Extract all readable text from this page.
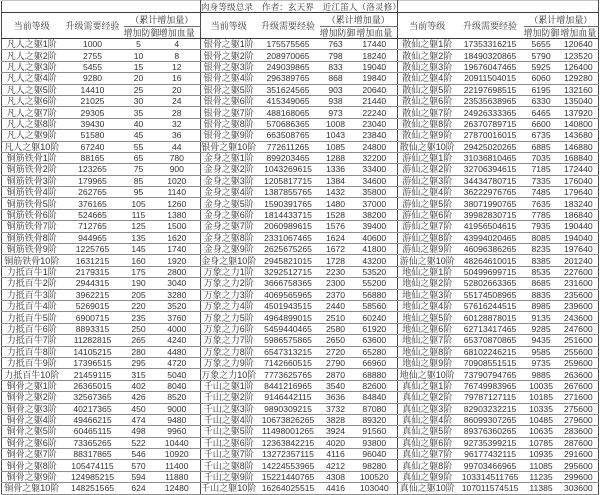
				肉身等级总录　作者：玄天界　近江笛人（洛灵修）							
当前等级	升级需要经验	（累计增加量）		当前等级	升级需要经验	（累计增加量）		当前等级	升级需要经验	（累计增加量）	
		增加防御	增加血量			增加防御	增加血量			增加防御	增加血量
凡人之躯1阶	1000	5	4	银骨之躯1阶	175575565	763	17440	散仙之躯1阶	17353316215	5655	120640
凡人之躯2阶	2755	10	8	银骨之躯2阶	208970065	798	18240	散仙之躯2阶	18490320865	5790	123520
凡人之躯3阶	5455	15	12	银骨之躯3阶	249039865	833	19040	散仙之躯3阶	19676047465	5925	126400
凡人之躯4阶	9280	20	16	银骨之躯4阶	296389765	868	19840	散仙之躯4阶	20911504015	6060	129280
凡人之躯5阶	14410	25	20	银骨之躯5阶	351624565	903	20640	散仙之躯5阶	22197698515	6195	132160
凡人之躯6阶	21025	30	24	银骨之躯6阶	415349065	938	21440	散仙之躯6阶	23535638965	6330	135040
凡人之躯7阶	29305	35	28	银骨之躯7阶	488168065	973	22240	散仙之躯7阶	24926333365	6465	137920
凡人之躯8阶	39430	40	32	银骨之躯8阶	570686365	1008	23040	散仙之躯8阶	26370789715	6600	140800
凡人之躯9阶	51580	45	36	银骨之躯9阶	663508765	1043	23840	散仙之躯9阶	27870016015	6735	143680
凡人之躯10阶	67240	55	44	银骨之躯10阶	772611265	1085	24800	散仙之躯10阶	29425020265	6885	146880
铜筋铁骨1阶	88165	65	780	金身之躯1阶	899203465	1288	32200	游仙之躯1阶	31036810465	7035	168840
铜筋铁骨2阶	123265	75	900	金身之躯2阶	1043269615	1336	33400	游仙之躯2阶	32706394615	7185	172440
铜筋铁骨3阶	179965	85	1020	金身之躯3阶	1205817715	1384	34600	游仙之躯3阶	34434780715	7335	176040
铜筋铁骨4阶	262765	95	1140	金身之躯4阶	1387855765	1432	35800	游仙之躯4阶	36222976765	7485	179640
铜筋铁骨5阶	376165	105	1260	金身之躯5阶	1590391765	1480	37000	游仙之躯5阶	38071990765	7635	183240
铜筋铁骨6阶	524665	115	1380	金身之躯6阶	1814433715	1528	38200	游仙之躯6阶	39982830715	7785	186840
铜筋铁骨7阶	712765	125	1500	金身之躯7阶	2060989615	1576	39400	游仙之躯7阶	41956504615	7935	190440
铜筋铁骨8阶	944965	135	1620	金身之躯8阶	2331067465	1624	40600	游仙之躯8阶	43994020465	8085	194040
铜筋铁骨9阶	1225765	145	1740	金身之躯9阶	2625675265	1672	41800	游仙之躯9阶	46096386265	8235	197640
铜筋铁骨10阶	1631215	160	1920	金身之躯10阶	2945821015	1728	43200	游仙之躯10阶	48264610015	8385	201240
力抵百牛1阶	2179315	175	2800	万象之力1阶	3292512715	2230	53520	地仙之躯1阶	50499699715	8535	227600
力抵百牛2阶	2944315	190	3040	万象之力2阶	3666758365	2300	55200	地仙之躯2阶	52802663365	8685	231600
力抵百牛3阶	3962215	205	3280	万象之力3阶	4069565965	2370	56880	地仙之躯3阶	55174508965	8835	235600
力抵百牛4阶	5269015	220	3520	万象之力4阶	4501943515	2440	58560	地仙之躯4阶	57616244515	8985	239600
力抵百牛5阶	6900715	235	3760	万象之力5阶	4964899015	2510	60240	地仙之躯5阶	60128878015	9135	243600
力抵百牛6阶	8893315	250	4000	万象之力6阶	5459440465	2580	61920	地仙之躯6阶	62713417465	9285	247600
力抵百牛7阶	11282815	265	4240	万象之力7阶	5986575865	2650	63600	地仙之躯7阶	65370870865	9435	251600
力抵百牛8阶	14105215	280	4480	万象之力8阶	6547313215	2720	65280	地仙之躯8阶	68102246215	9585	255600
力抵百牛9阶	17396515	295	4720	万象之力9阶	7142660515	2790	66960	地仙之躯9阶	70908551515	9735	259600
力抵百牛10阶	21459115	315	5040	万象之力10阶	7773625765	2870	68880	地仙之躯10阶	73790794765	9885	263600
铜骨之躯1阶	26365015	402	8040	千山之躯1阶	8441216965	3540	82600	真仙之躯1阶	76749983965	10035	267600
铜骨之躯2阶	32567365	426	8520	千山之躯2阶	9146442115	3636	84840	真仙之躯2阶	79787127115	10185	271600
铜骨之躯3阶	40217365	450	9000	千山之躯3阶	9890309215	3732	87080	真仙之躯3阶	82903232215	10335	275600
铜骨之躯4阶	49466215	474	9480	千山之躯4阶	10673826265	3828	89320	真仙之躯4阶	86099307265	10485	279600
铜骨之躯5阶	60465115	498	9960	千山之躯5阶	11498001265	3924	91560	真仙之躯5阶	89376360265	10635	283600
铜骨之躯6阶	73365265	522	10440	千山之躯6阶	12363842215	4020	93800	真仙之躯6阶	92735399215	10785	287600
铜骨之躯7阶	88317865	546	10920	千山之躯7阶	13272357115	4116	96040	真仙之躯7阶	96177432115	10935	291600
铜骨之躯8阶	105474115	570	11400	千山之躯8阶	14224553965	4212	98280	真仙之躯8阶	99703466965	11085	295600
铜骨之躯9阶	124985215	594	11880	千山之躯9阶	15221440765	4308	100520	真仙之躯9阶	103314511765	11235	299600
铜骨之躯10阶	148251565	624	12480	千山之躯10阶	16264025515	4416	103040	真仙之躯10阶	107011574515	11385	303600
